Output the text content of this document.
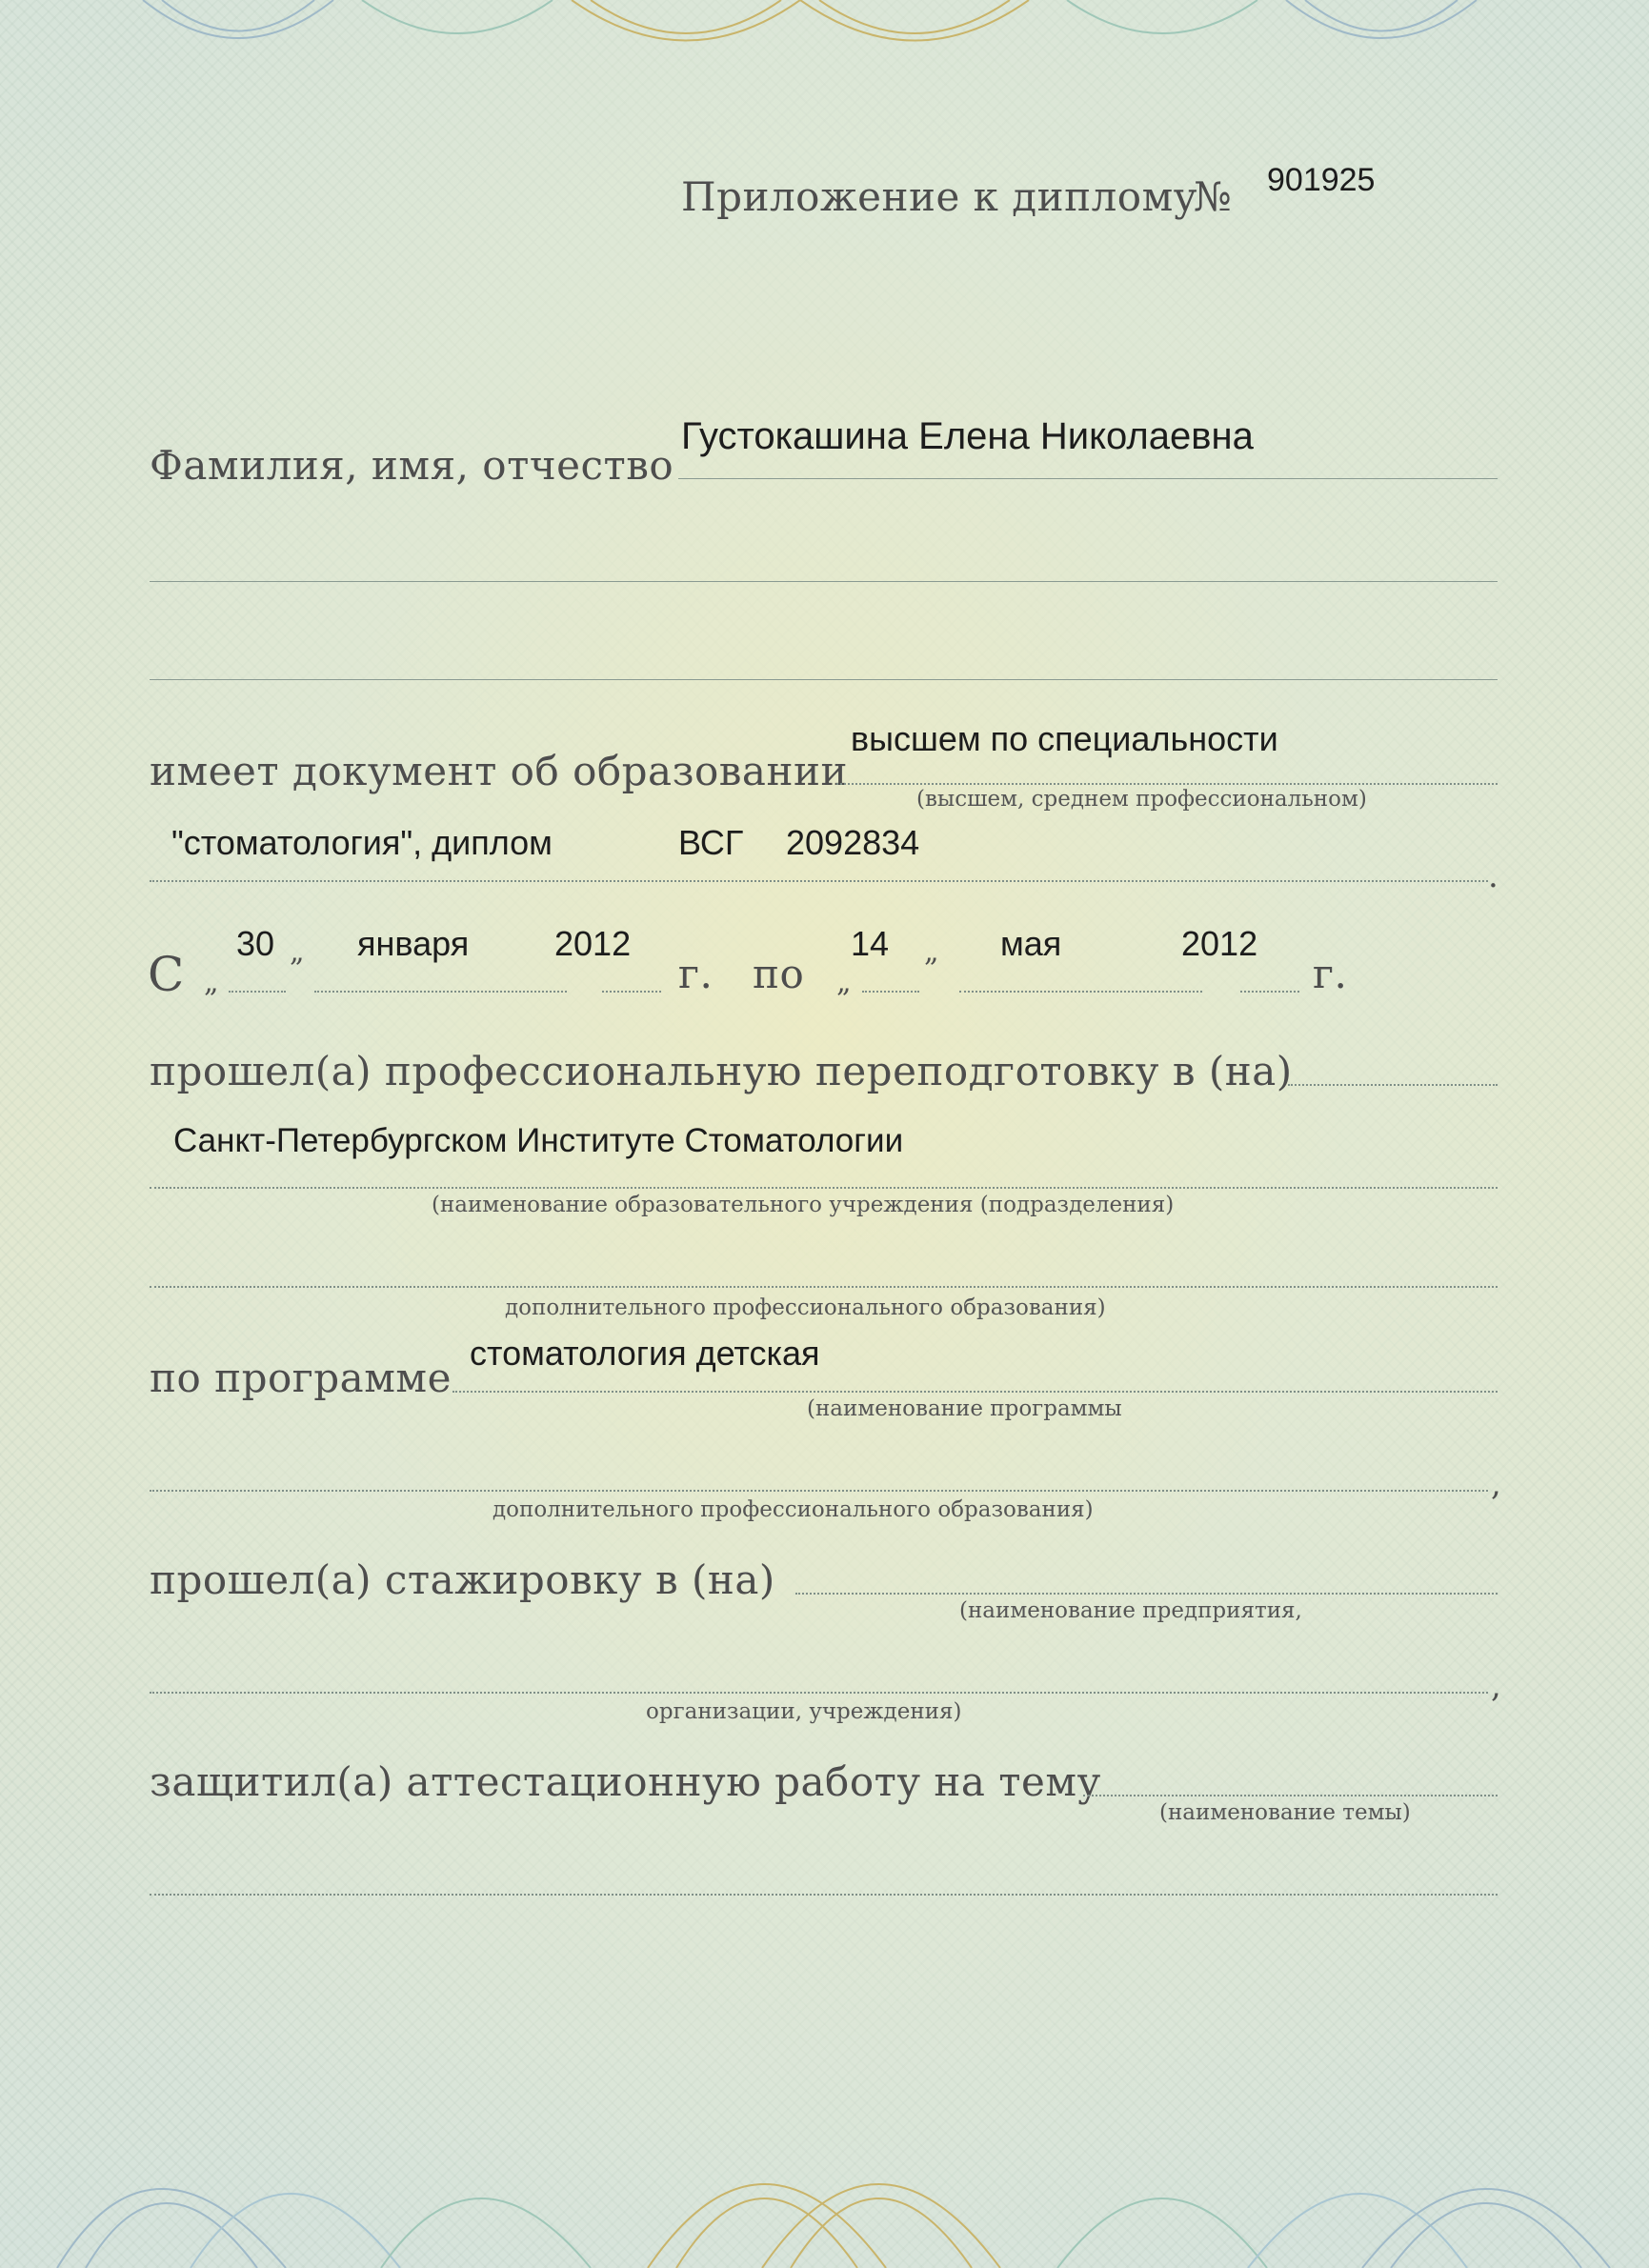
Приложение к диплому
№ 901925
Фамилия, имя, отчество
Густокашина Елена Николаевна
имеет документ об образовании
высшем по специальности
(высшем, среднем профессиональном)
"стоматология", диплом	ВСГ 2092834
.
С „
30 „ января 2012
г. по „
14 „ мая	2012
г.
прошел(а) профессиональную переподготовку в (на)
Санкт-Петербургском Институте Стоматологии
(наименование образовательного учреждения (подразделения)
дополнительного профессионального образования)
по программе
стоматология детская
(наименование программы
,
дополнительного профессионального образования)
прошел(а) стажировку в (на)
(наименование предприятия,
,
организации, учреждения)
защитил(а) аттестационную работу на тему
(наименование темы)
